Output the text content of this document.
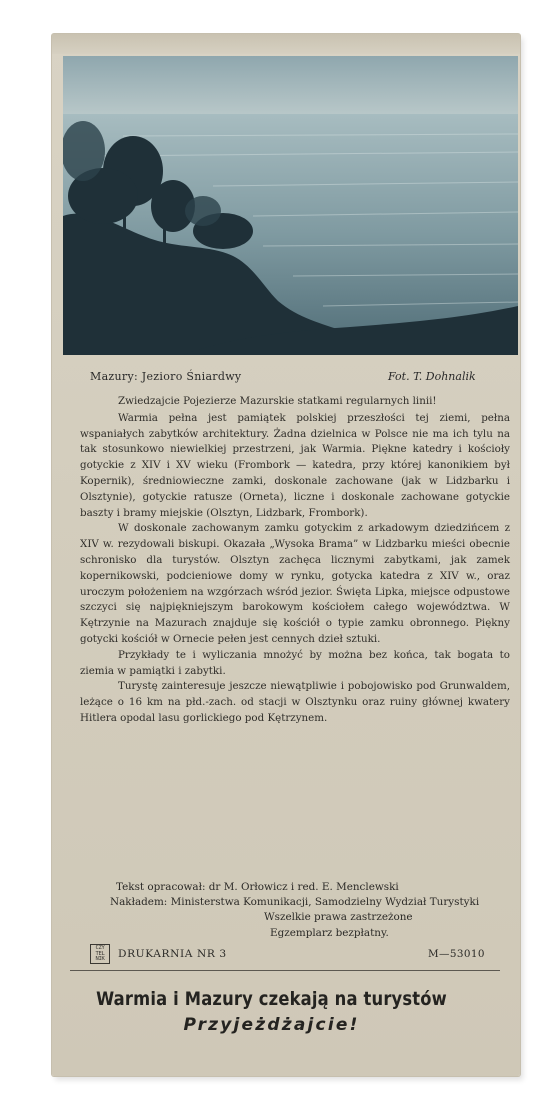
Mazury: Jezioro Śniardwy	Fot. T. Dohnalik

Zwiedzajcie Pojezierze Mazurskie statkami regularnych linii!

Warmia pełna jest pamiątek polskiej przeszłości tej ziemi, pełna wspaniałych zabytków architektury. Żadna dzielnica w Polsce nie ma ich tylu na tak stosunkowo niewielkiej przestrzeni, jak Warmia. Piękne katedry i kościoły gotyckie z XIV i XV wieku (Frombork — katedra, przy której kanonikiem był Kopernik), średniowieczne zamki, doskonale zachowane (jak w Lidzbarku i Olsztynie), gotyckie ratusze (Orneta), liczne i doskonale zachowane gotyckie baszty i bramy miejskie (Olsztyn, Lidzbark, Frombork).

W doskonale zachowanym zamku gotyckim z arkadowym dziedzińcem z XIV w. rezydowali biskupi. Okazała „Wysoka Brama” w Lidzbarku mieści obecnie schronisko dla turystów. Olsztyn zachęca licznymi zabytkami, jak zamek kopernikowski, podcieniowe domy w rynku, gotycka katedra z XIV w., oraz uroczym położeniem na wzgórzach wśród jezior. Święta Lipka, miejsce odpustowe szczyci się najpiękniejszym barokowym kościołem całego województwa. W Kętrzynie na Mazurach znajduje się kościół o typie zamku obronnego. Piękny gotycki kościół w Ornecie pełen jest cennych dzieł sztuki.

Przykłady te i wyliczania mnożyć by można bez końca, tak bogata to ziemia w pamiątki i zabytki.

Turystę zainteresuje jeszcze niewątpliwie i pobojowisko pod Grunwaldem, leżące o 16 km na płd.-zach. od stacji w Olsztynku oraz ruiny głównej kwatery Hitlera opodal lasu gorlickiego pod Kętrzynem.

Tekst opracował: dr M. Orłowicz i red. E. Menclewski
Nakładem: Ministerstwa Komunikacji, Samodzielny Wydział Turystyki
Wszelkie prawa zastrzeżone
Egzemplarz bezpłatny.
CZY
TEL
NIK	DRUKARNIA NR 3	M—53010
Warmia i Mazury czekają na turystów
Przyjeżdżajcie!
